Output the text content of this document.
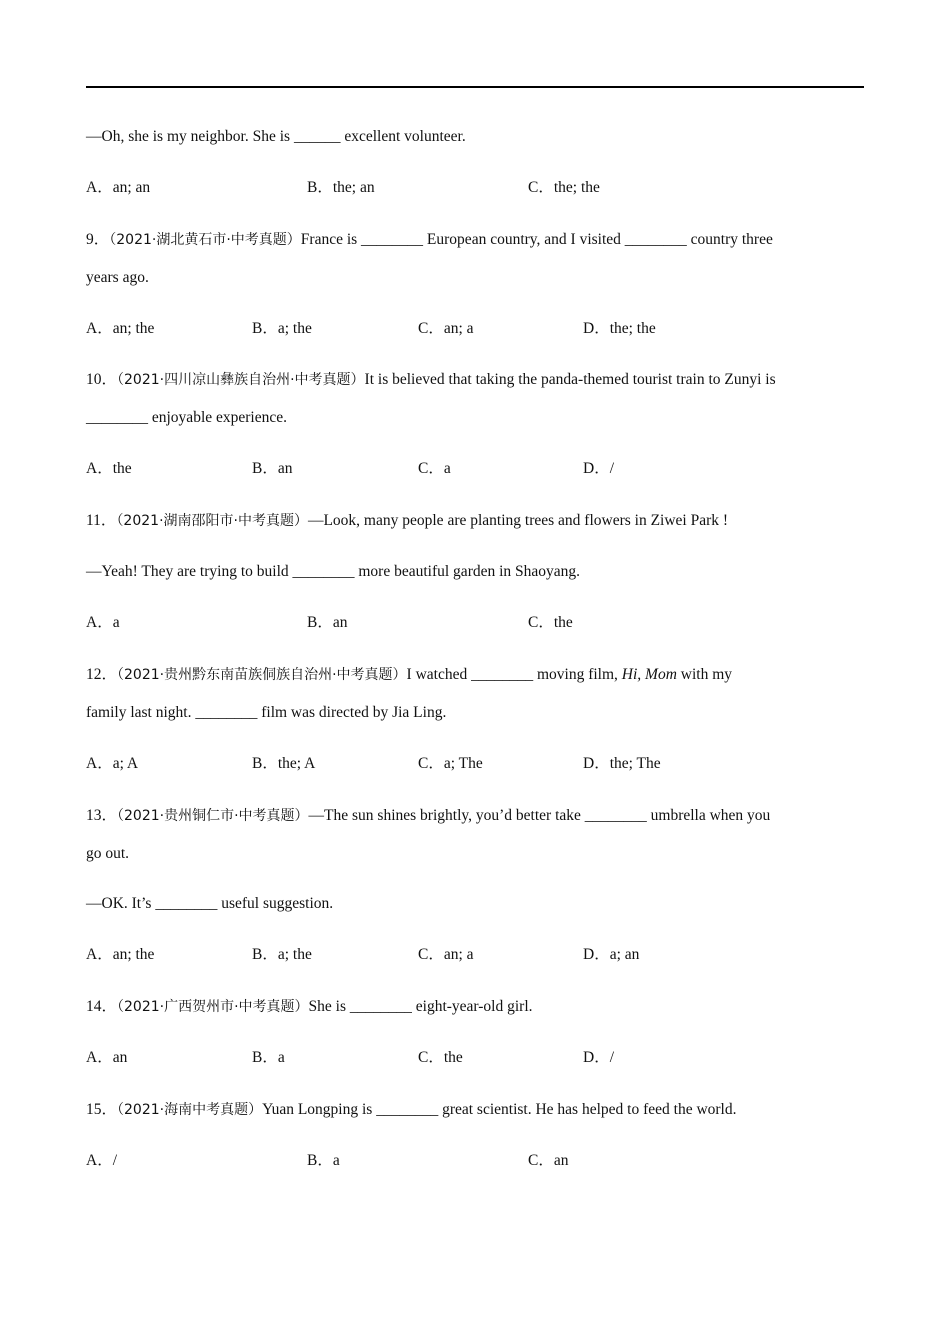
—Oh, she is my neighbor. She is ______ excellent volunteer.
A．an; an	B．the; an	C．the; the
9．（2021·湖北黄石市·中考真题）France is ________ European country, and I visited ________ country three
years ago.
A．an; the	B．a; the	C．an; a	D．the; the
10．（2021·四川凉山彝族自治州·中考真题）It is believed that taking the panda-themed tourist train to Zunyi is
________ enjoyable experience.
A．the	B．an	C．a	D．/
11．（2021·湖南邵阳市·中考真题）—Look, many people are planting trees and flowers in Ziwei Park !
—Yeah! They are trying to build ________ more beautiful garden in Shaoyang.
A．a	B．an	C．the
12．（2021·贵州黔东南苗族侗族自治州·中考真题）I watched ________ moving film, Hi, Mom with my
family last night. ________ film was directed by Jia Ling.
A．a; A	B．the; A	C．a; The	D．the; The
13．（2021·贵州铜仁市·中考真题）—The sun shines brightly, you’d better take ________ umbrella when you
go out.
—OK. It’s ________ useful suggestion.
A．an; the	B．a; the	C．an; a	D．a; an
14．（2021·广西贺州市·中考真题）She is ________ eight-year-old girl.
A．an	B．a	C．the	D．/
15．（2021·海南中考真题）Yuan Longping is ________ great scientist. He has helped to feed the world.
A．/	B．a	C．an
